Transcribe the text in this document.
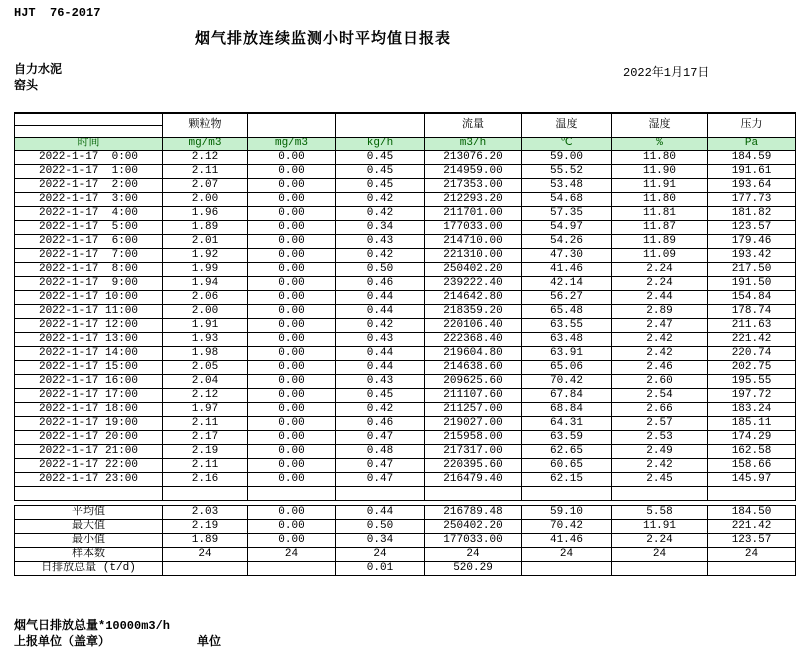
HJT  76-2017
烟气排放连续监测小时平均值日报表
自力水泥
窑头
2022年1月17日
	颗粒物			流量	温度	湿度	压力

时间	mg/m3	mg/m3	kg/h	m3/h	℃	%	Pa
2022-1-17  0:00	2.12	0.00	0.45	213076.20	59.00	11.80	184.59
2022-1-17  1:00	2.11	0.00	0.45	214959.00	55.52	11.90	191.61
2022-1-17  2:00	2.07	0.00	0.45	217353.00	53.48	11.91	193.64
2022-1-17  3:00	2.00	0.00	0.42	212293.20	54.68	11.80	177.73
2022-1-17  4:00	1.96	0.00	0.42	211701.00	57.35	11.81	181.82
2022-1-17  5:00	1.89	0.00	0.34	177033.00	54.97	11.87	123.57
2022-1-17  6:00	2.01	0.00	0.43	214710.00	54.26	11.89	179.46
2022-1-17  7:00	1.92	0.00	0.42	221310.00	47.30	11.09	193.42
2022-1-17  8:00	1.99	0.00	0.50	250402.20	41.46	2.24	217.50
2022-1-17  9:00	1.94	0.00	0.46	239222.40	42.14	2.24	191.50
2022-1-17 10:00	2.06	0.00	0.44	214642.80	56.27	2.44	154.84
2022-1-17 11:00	2.00	0.00	0.44	218359.20	65.48	2.89	178.74
2022-1-17 12:00	1.91	0.00	0.42	220106.40	63.55	2.47	211.63
2022-1-17 13:00	1.93	0.00	0.43	222368.40	63.48	2.42	221.42
2022-1-17 14:00	1.98	0.00	0.44	219604.80	63.91	2.42	220.74
2022-1-17 15:00	2.05	0.00	0.44	214638.60	65.06	2.46	202.75
2022-1-17 16:00	2.04	0.00	0.43	209625.60	70.42	2.60	195.55
2022-1-17 17:00	2.12	0.00	0.45	211107.60	67.84	2.54	197.72
2022-1-17 18:00	1.97	0.00	0.42	211257.00	68.84	2.66	183.24
2022-1-17 19:00	2.11	0.00	0.46	219027.00	64.31	2.57	185.11
2022-1-17 20:00	2.17	0.00	0.47	215958.00	63.59	2.53	174.29
2022-1-17 21:00	2.19	0.00	0.48	217317.00	62.65	2.49	162.58
2022-1-17 22:00	2.11	0.00	0.47	220395.60	60.65	2.42	158.66
2022-1-17 23:00	2.16	0.00	0.47	216479.40	62.15	2.45	145.97

平均值	2.03	0.00	0.44	216789.48	59.10	5.58	184.50
最大值	2.19	0.00	0.50	250402.20	70.42	11.91	221.42
最小值	1.89	0.00	0.34	177033.00	41.46	2.24	123.57
样本数	24	24	24	24	24	24	24
日排放总量 (t/d)			0.01	520.29			
烟气日排放总量*10000m3/h
上报单位（盖章）	单位
